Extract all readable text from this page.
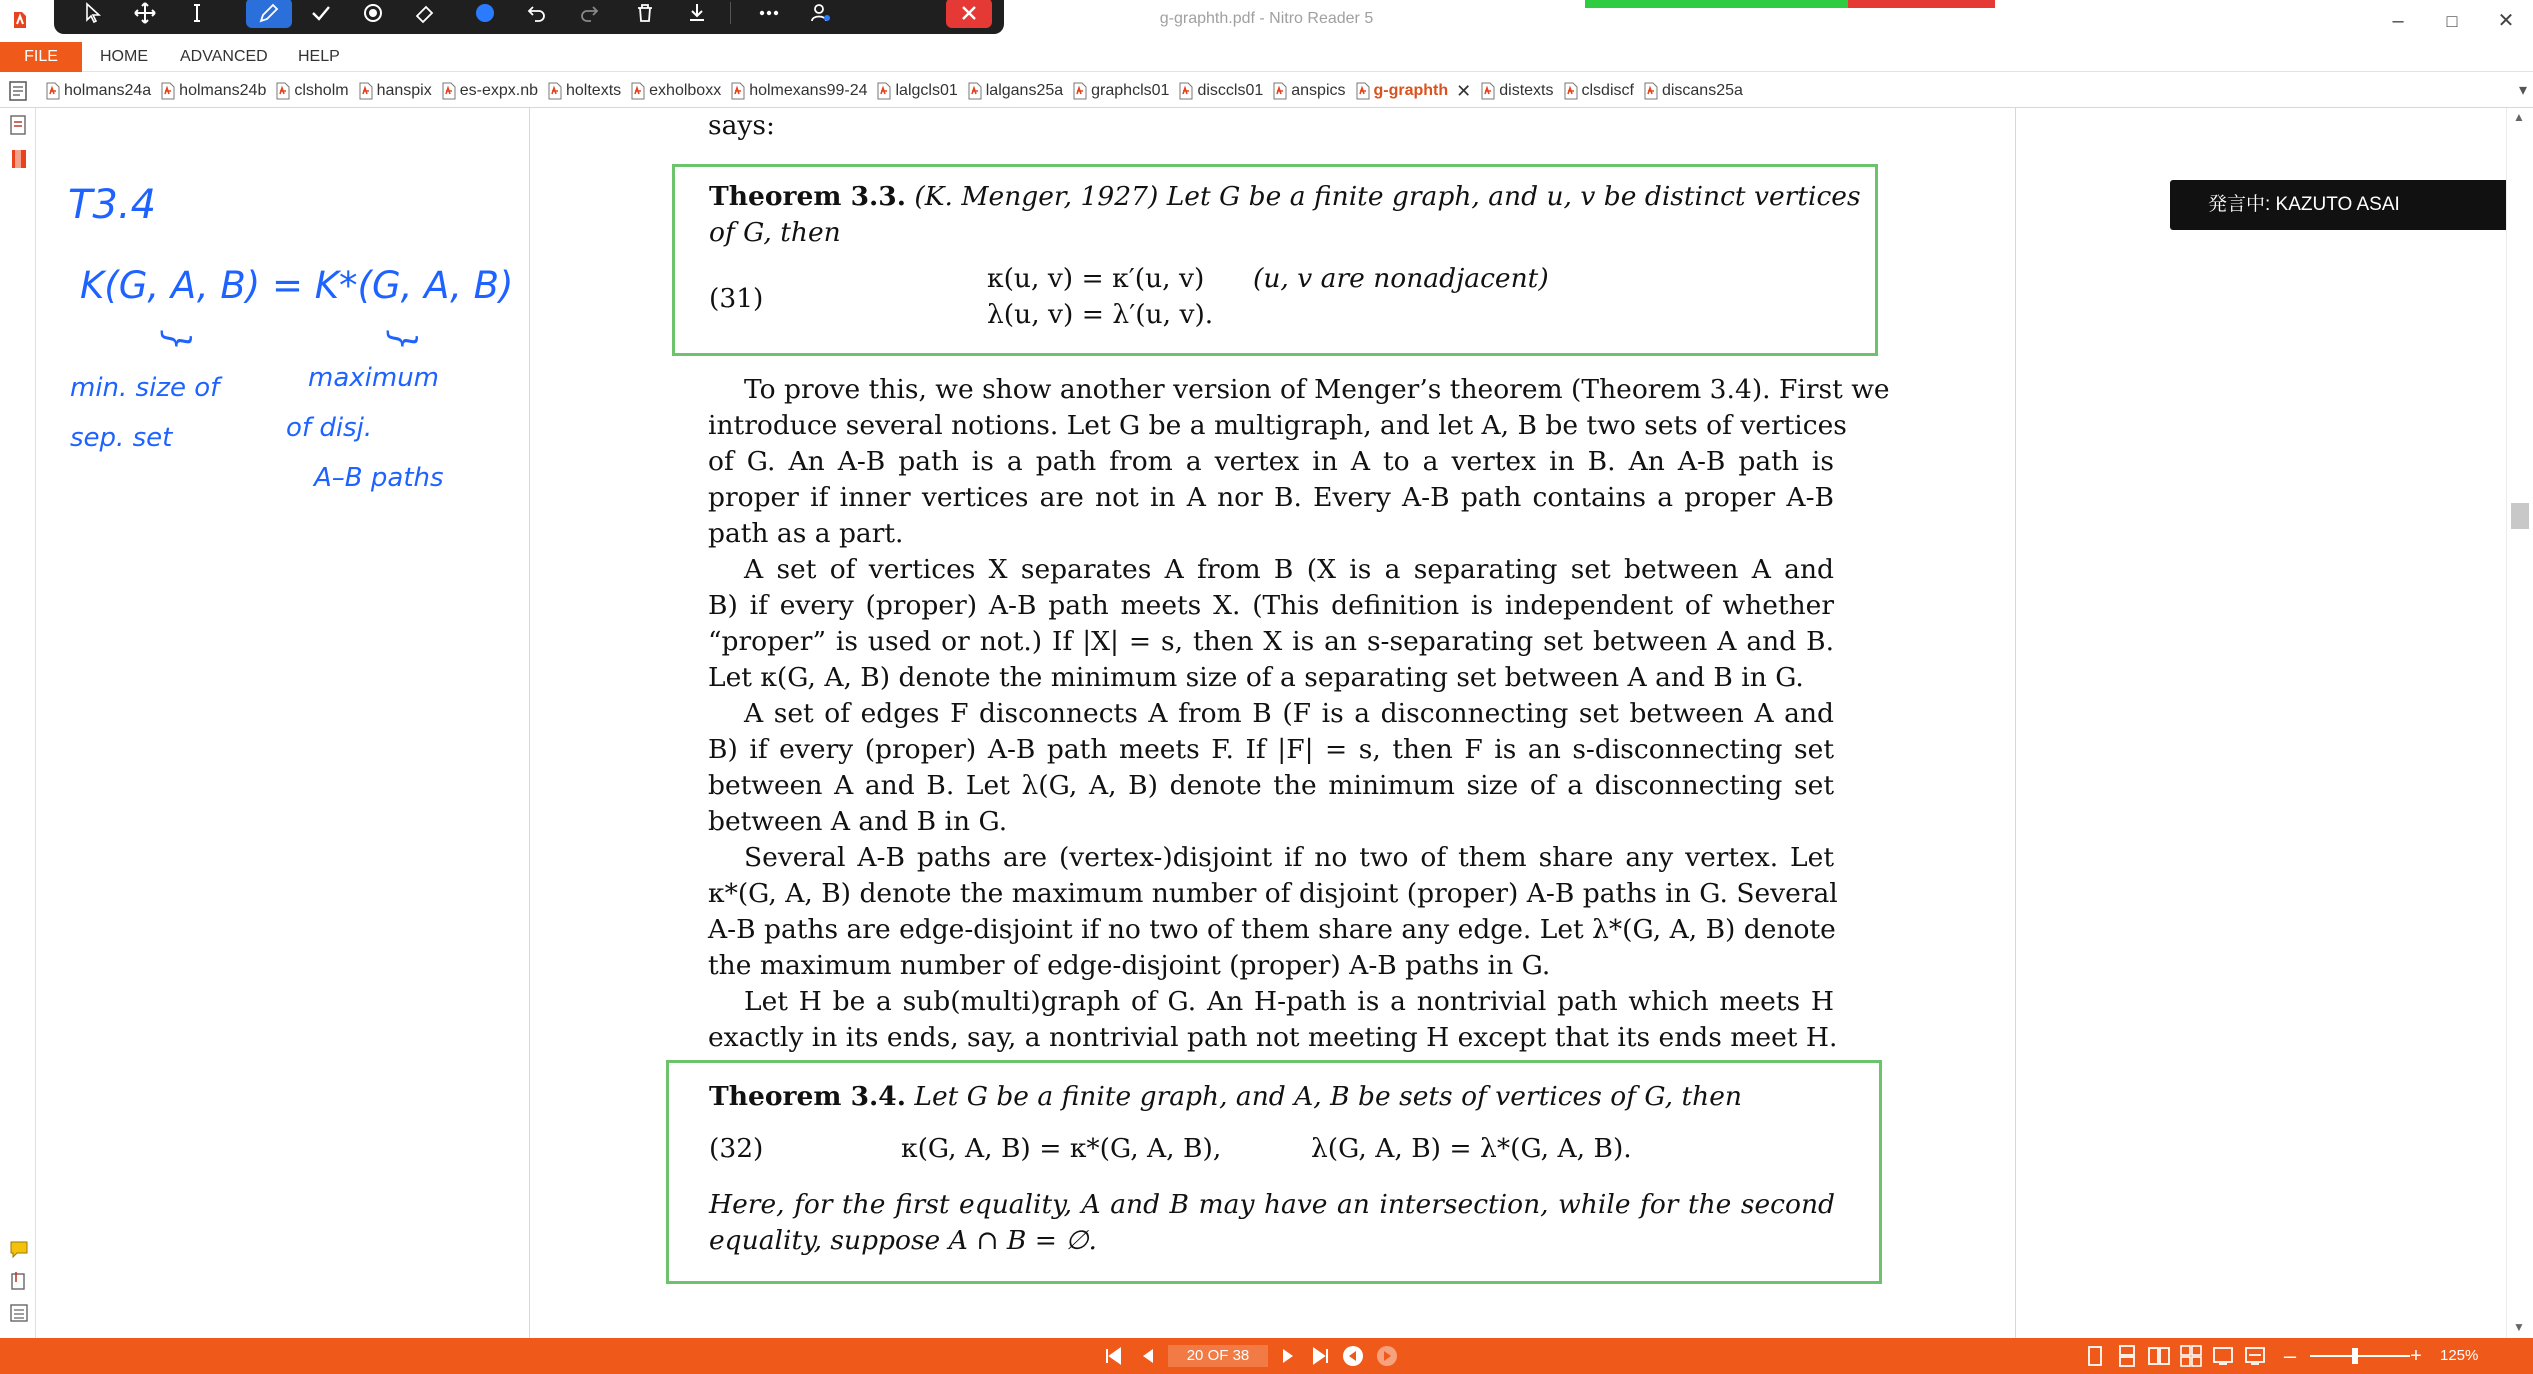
g-graphth.pdf - Nitro Reader 5	–	□	✕
FILE	HOME ADVANCED HELP
holmans24a holmans24b clsholm hanspix es-expx.nb holtexts exholboxx holmexans99-24 lalgcls01 lalgans25a graphcls01 disccls01 anspics g-graphth ✕ distexts clsdiscf discans25a	▾
T3.4
K(G, A, B) = K*(G, A, B)
}	}
min. size of
sep. set
maximum
of disj.
A–B paths
says:
Theorem 3.3. (K. Menger, 1927) Let G be a finite graph, and u, v be distinct vertices
of G, then
(31)
κ(u, v) = κ′(u, v) (u, v are nonadjacent)
λ(u, v) = λ′(u, v).
To prove this, we show another version of Menger’s theorem (Theorem 3.4). First we
introduce several notions. Let G be a multigraph, and let A, B be two sets of vertices
of G. An A-B path is a path from a vertex in A to a vertex in B. An A-B path is
proper if inner vertices are not in A nor B. Every A-B path contains a proper A-B
path as a part.
A set of vertices X separates A from B (X is a separating set between A and
B) if every (proper) A-B path meets X. (This definition is independent of whether
“proper” is used or not.) If |X| = s, then X is an s-separating set between A and B.
Let κ(G, A, B) denote the minimum size of a separating set between A and B in G.
A set of edges F disconnects A from B (F is a disconnecting set between A and
B) if every (proper) A-B path meets F. If |F| = s, then F is an s-disconnecting set
between A and B. Let λ(G, A, B) denote the minimum size of a disconnecting set
between A and B in G.
Several A-B paths are (vertex-)disjoint if no two of them share any vertex. Let
κ*(G, A, B) denote the maximum number of disjoint (proper) A-B paths in G. Several
A-B paths are edge-disjoint if no two of them share any edge. Let λ*(G, A, B) denote
the maximum number of edge-disjoint (proper) A-B paths in G.
Let H be a sub(multi)graph of G. An H-path is a nontrivial path which meets H
exactly in its ends, say, a nontrivial path not meeting H except that its ends meet H.
Theorem 3.4. Let G be a finite graph, and A, B be sets of vertices of G, then
(32)	κ(G, A, B) = κ*(G, A, B),	λ(G, A, B) = λ*(G, A, B).
Here, for the first equality, A and B may have an intersection, while for the second
equality, suppose A ∩ B = ∅.
発言中: KAZUTO ASAI
▲
▼
20 OF 38	–	+	125%
